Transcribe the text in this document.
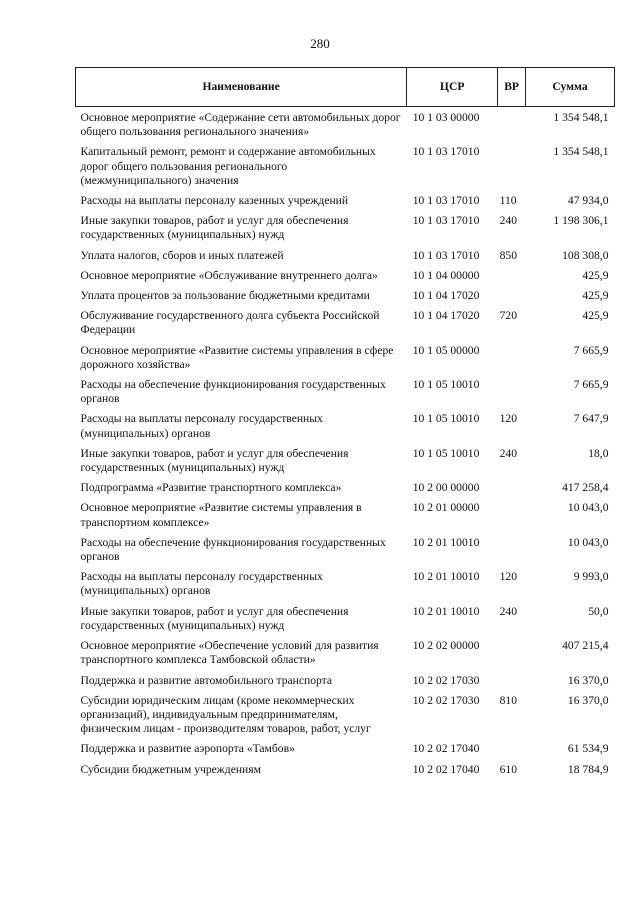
280
Наименование	ЦСР	ВР	Сумма
Основное мероприятие «Содержание сети автомобильных дорог общего пользования регионального значения»	10 1 03 00000		1 354 548,1
Капитальный ремонт, ремонт и содержание автомобильных дорог общего пользования регионального (межмуниципального) значения	10 1 03 17010		1 354 548,1
Расходы на выплаты персоналу казенных учреждений	10 1 03 17010	110	47 934,0
Иные закупки товаров, работ и услуг для обеспечения государственных (муниципальных) нужд	10 1 03 17010	240	1 198 306,1
Уплата налогов, сборов и иных платежей	10 1 03 17010	850	108 308,0
Основное мероприятие «Обслуживание внутреннего долга»	10 1 04 00000		425,9
Уплата процентов за пользование бюджетными кредитами	10 1 04 17020		425,9
Обслуживание государственного долга субъекта Российской Федерации	10 1 04 17020	720	425,9
Основное мероприятие «Развитие системы управления в сфере дорожного хозяйства»	10 1 05 00000		7 665,9
Расходы на обеспечение функционирования государственных органов	10 1 05 10010		7 665,9
Расходы на выплаты персоналу государственных (муниципальных) органов	10 1 05 10010	120	7 647,9
Иные закупки товаров, работ и услуг для обеспечения государственных (муниципальных) нужд	10 1 05 10010	240	18,0
Подпрограмма «Развитие транспортного комплекса»	10 2 00 00000		417 258,4
Основное мероприятие «Развитие системы управления в транспортном комплексе»	10 2 01 00000		10 043,0
Расходы на обеспечение функционирования государственных органов	10 2 01 10010		10 043,0
Расходы на выплаты персоналу государственных (муниципальных) органов	10 2 01 10010	120	9 993,0
Иные закупки товаров, работ и услуг для обеспечения государственных (муниципальных) нужд	10 2 01 10010	240	50,0
Основное мероприятие «Обеспечение условий для развития транспортного комплекса Тамбовской области»	10 2 02 00000		407 215,4
Поддержка и развитие автомобильного транспорта	10 2 02 17030		16 370,0
Субсидии юридическим лицам (кроме некоммерческих организаций), индивидуальным предпринимателям, физическим лицам - производителям товаров, работ, услуг	10 2 02 17030	810	16 370,0
Поддержка и развитие аэропорта «Тамбов»	10 2 02 17040		61 534,9
Субсидии бюджетным учреждениям	10 2 02 17040	610	18 784,9
